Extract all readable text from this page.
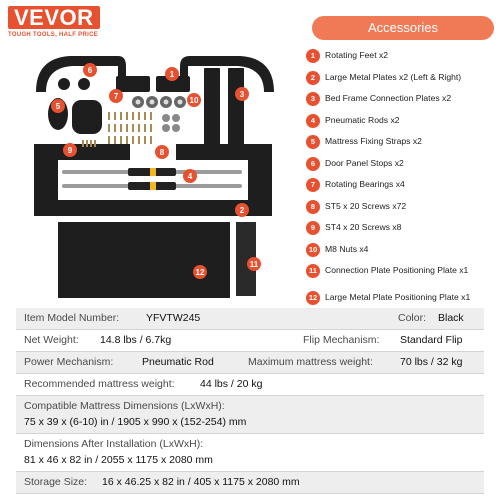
VEVOR
TOUGH TOOLS, HALF PRICE
1
2
3
4
5
6
7
8
9
10
11
12
Accessories
1	Rotating Feet x2
2	Large Metal Plates x2 (Left & Right)
3	Bed Frame Connection Plates x2
4	Pneumatic Rods x2
5	Mattress Fixing Straps x2
6	Door Panel Stops x2
7	Rotating Bearings x4
8	ST5 x 20 Screws x72
9	ST4 x 20 Screws x8
10 M8 Nuts x4
11 Connection Plate Positioning Plate x1
12 Large Metal Plate Positioning Plate x1
Item Model Number:	YFVTW245	Color: Black
Net Weight: 14.8 lbs / 6.7kg	Flip Mechanism: Standard Flip
Power Mechanism:	Pneumatic Rod	Maximum mattress weight:	70 lbs / 32 kg
Recommended mattress weight: 44 lbs / 20 kg
Compatible Mattress Dimensions (LxWxH):
75 x 39 x (6-10) in / 1905 x 990 x (152-254) mm
Dimensions After Installation (LxWxH):
81 x 46 x 82 in / 2055 x 1175 x 2080 mm
Storage Size: 16 x 46.25 x 82 in / 405 x 1175 x 2080 mm
